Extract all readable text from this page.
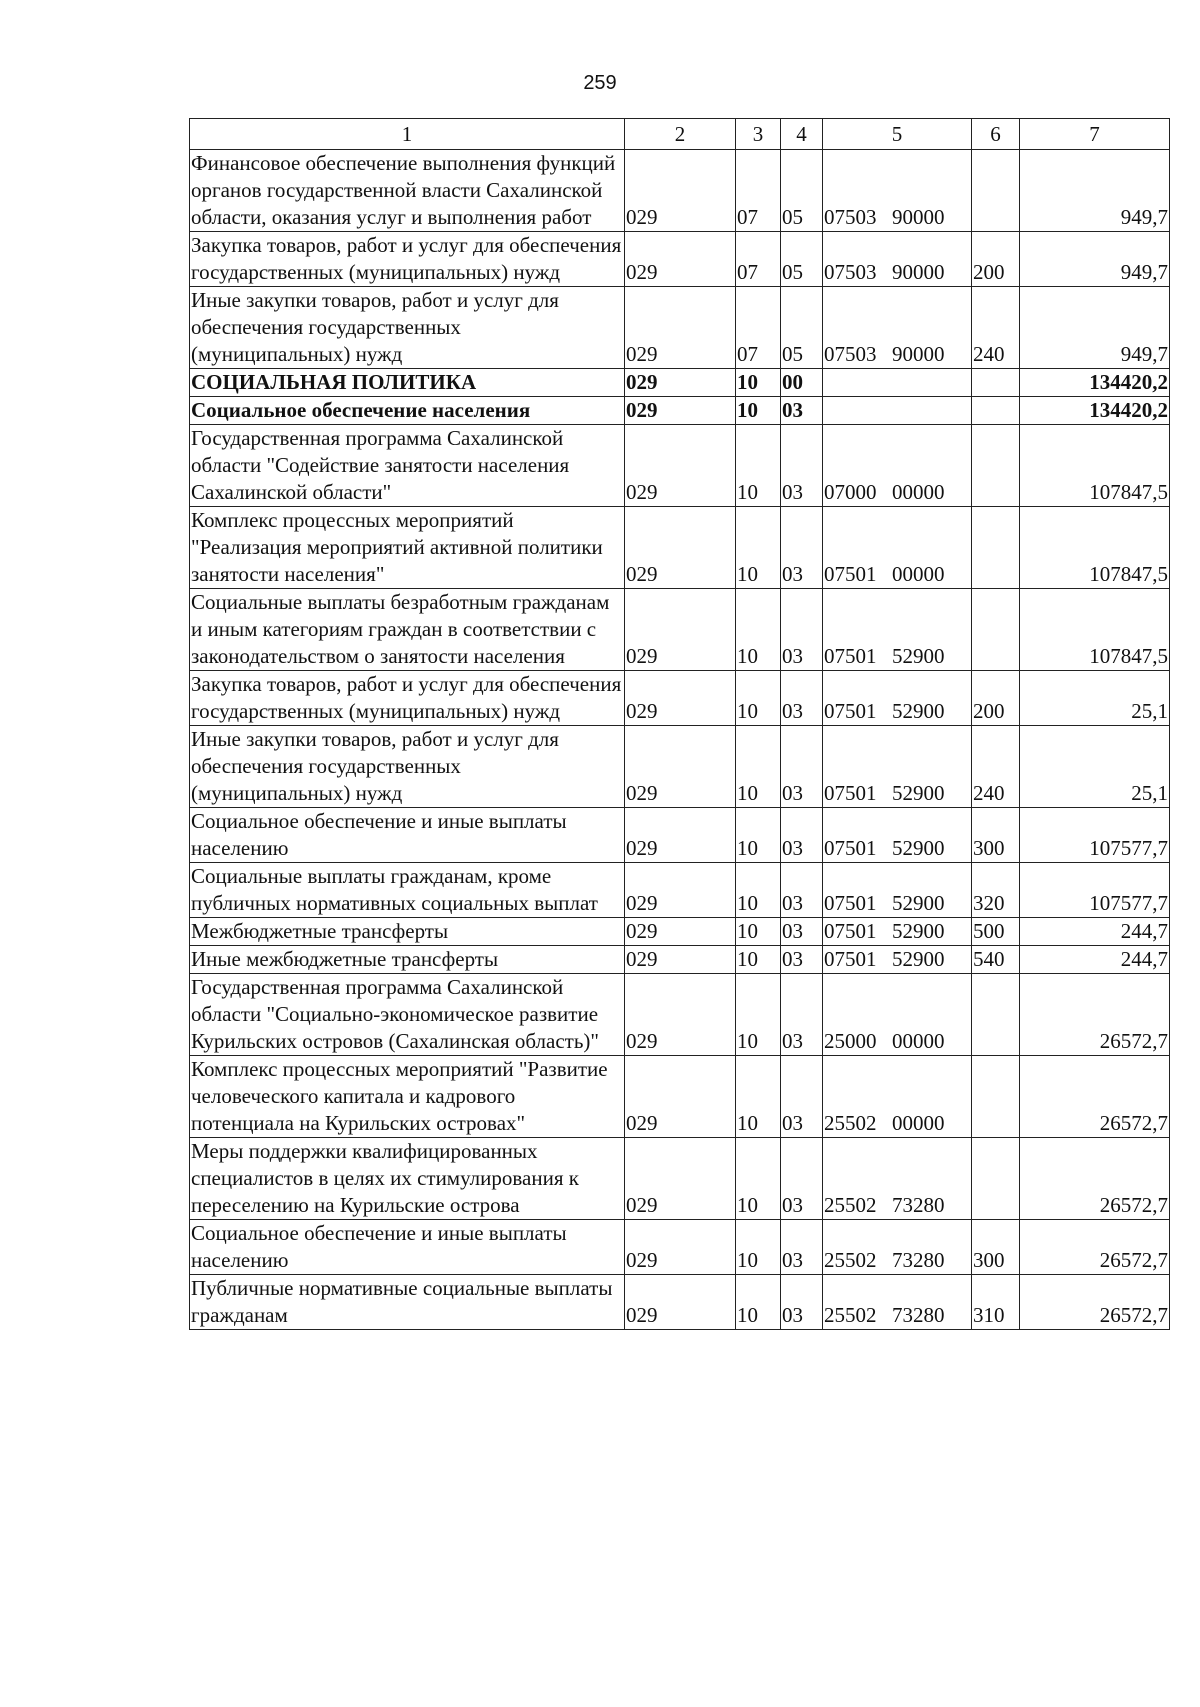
259
1	2	3	4	5	6	7
Финансовое обеспечение выполнения функций органов государственной власти Сахалинской области, оказания услуг и выполнения работ	029	07	05	07503 90000		949,7
Закупка товаров, работ и услуг для обеспечения государственных (муниципальных) нужд	029	07	05	07503 90000	200	949,7
Иные закупки товаров, работ и услуг для обеспечения государственных (муниципальных) нужд	029	07	05	07503 90000	240	949,7
СОЦИАЛЬНАЯ ПОЛИТИКА	029	10	00			134420,2
Социальное обеспечение населения	029	10	03			134420,2
Государственная программа Сахалинской области "Содействие занятости населения Сахалинской области"	029	10	03	07000 00000		107847,5
Комплекс процессных мероприятий "Реализация мероприятий активной политики занятости населения"	029	10	03	07501 00000		107847,5
Социальные выплаты безработным гражданам и иным категориям граждан в соответствии с законодательством о занятости населения	029	10	03	07501 52900		107847,5
Закупка товаров, работ и услуг для обеспечения государственных (муниципальных) нужд	029	10	03	07501 52900	200	25,1
Иные закупки товаров, работ и услуг для обеспечения государственных (муниципальных) нужд	029	10	03	07501 52900	240	25,1
Социальное обеспечение и иные выплаты населению	029	10	03	07501 52900	300	107577,7
Социальные выплаты гражданам, кроме публичных нормативных социальных выплат	029	10	03	07501 52900	320	107577,7
Межбюджетные трансферты	029	10	03	07501 52900	500	244,7
Иные межбюджетные трансферты	029	10	03	07501 52900	540	244,7
Государственная программа Сахалинской области "Социально-экономическое развитие Курильских островов (Сахалинская область)"	029	10	03	25000 00000		26572,7
Комплекс процессных мероприятий "Развитие человеческого капитала и кадрового потенциала на Курильских островах"	029	10	03	25502 00000		26572,7
Меры поддержки квалифицированных специалистов в целях их стимулирования к переселению на Курильские острова	029	10	03	25502 73280		26572,7
Социальное обеспечение и иные выплаты населению	029	10	03	25502 73280	300	26572,7
Публичные нормативные социальные выплаты гражданам	029	10	03	25502 73280	310	26572,7
